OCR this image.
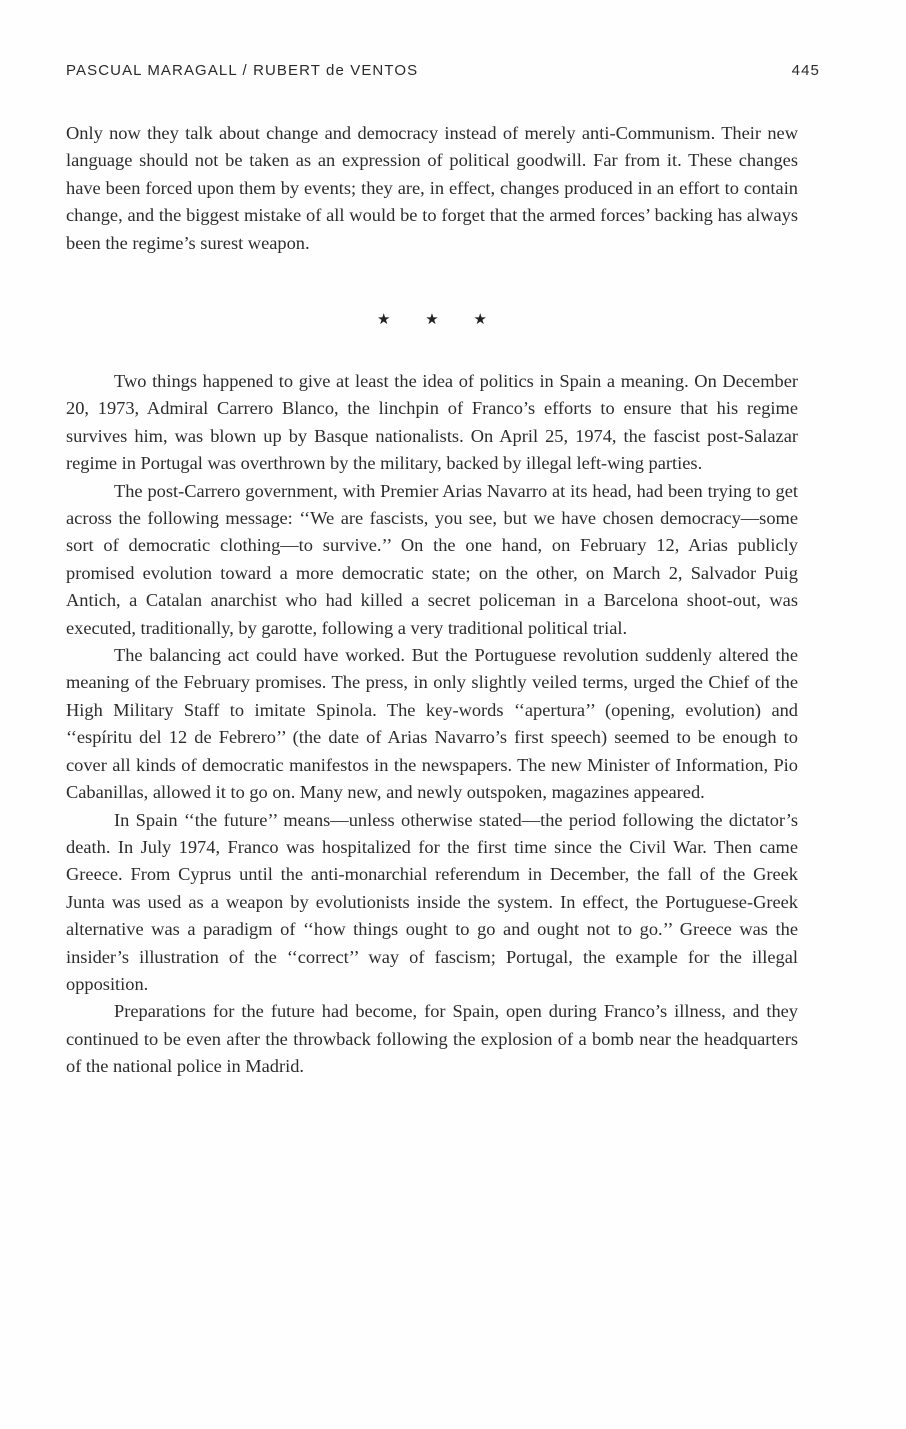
PASCUAL MARAGALL / RUBERT de VENTOS	445

Only now they talk about change and democracy instead of merely anti-Communism. Their new language should not be taken as an expression of political goodwill. Far from it. These changes have been forced upon them by events; they are, in effect, changes produced in an effort to contain change, and the biggest mistake of all would be to forget that the armed forces’ backing has always been the regime’s surest weapon.

★ ★ ★

Two things happened to give at least the idea of politics in Spain a meaning. On December 20, 1973, Admiral Carrero Blanco, the linchpin of Franco’s efforts to ensure that his regime survives him, was blown up by Basque nationalists. On April 25, 1974, the fascist post-Salazar regime in Portugal was overthrown by the military, backed by illegal left-wing parties.

The post-Carrero government, with Premier Arias Navarro at its head, had been trying to get across the following message: ‘‘We are fascists, you see, but we have chosen democracy—some sort of democratic clothing—to survive.’’ On the one hand, on February 12, Arias publicly promised evolution toward a more democratic state; on the other, on March 2, Salvador Puig Antich, a Catalan anarchist who had killed a secret policeman in a Barcelona shoot-out, was executed, traditionally, by garotte, following a very traditional political trial.

The balancing act could have worked. But the Portuguese revolution suddenly altered the meaning of the February promises. The press, in only slightly veiled terms, urged the Chief of the High Military Staff to imitate Spinola. The key-words ‘‘apertura’’ (opening, evolution) and ‘‘espíritu del 12 de Febrero’’ (the date of Arias Navarro’s first speech) seemed to be enough to cover all kinds of democratic manifestos in the newspapers. The new Minister of Information, Pio Cabanillas, allowed it to go on. Many new, and newly outspoken, magazines appeared.

In Spain ‘‘the future’’ means—unless otherwise stated—the period following the dictator’s death. In July 1974, Franco was hospitalized for the first time since the Civil War. Then came Greece. From Cyprus until the anti-monarchial referendum in December, the fall of the Greek Junta was used as a weapon by evolutionists inside the system. In effect, the Portuguese-Greek alternative was a paradigm of ‘‘how things ought to go and ought not to go.’’ Greece was the insider’s illustration of the ‘‘correct’’ way of fascism; Portugal, the example for the illegal opposition.

Preparations for the future had become, for Spain, open during Franco’s illness, and they continued to be even after the throwback following the explosion of a bomb near the headquarters of the national police in Madrid.
